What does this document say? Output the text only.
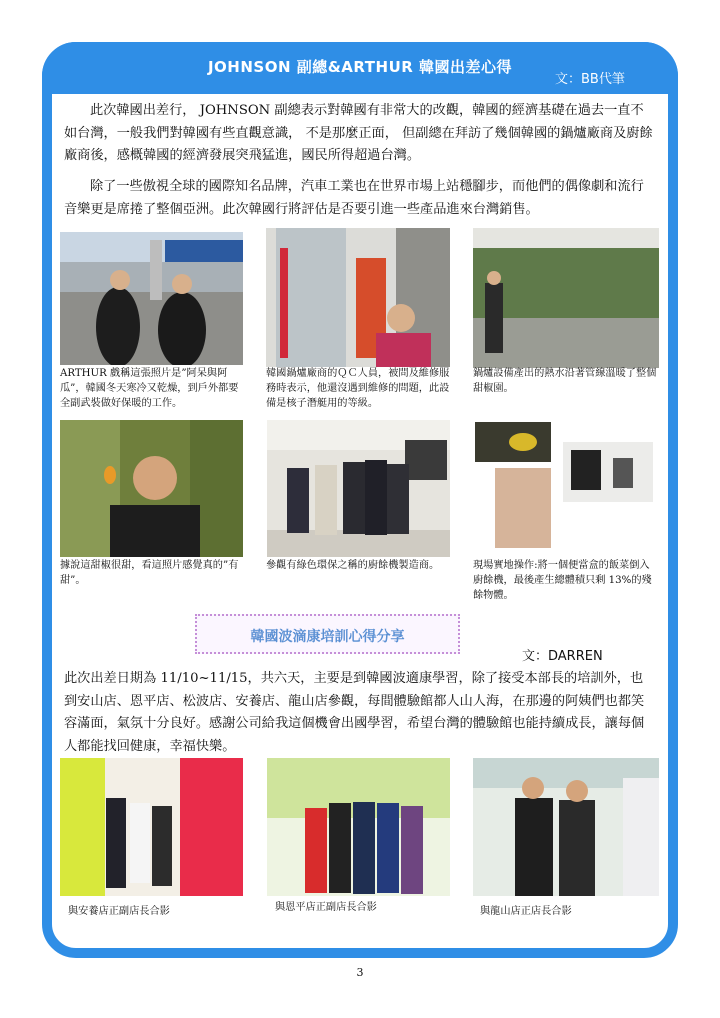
JOHNSON 副總&ARTHUR 韓國出差心得
文：BB代筆

此次韓國出差行， JOHNSON 副總表示對韓國有非常大的改觀，韓國的經濟基礎在過去一直不如台灣，一般我們對韓國有些直觀意識， 不是那麼正面， 但副總在拜訪了幾個韓國的鍋爐廠商及廚餘廠商後，感概韓國的經濟發展突飛猛進，國民所得超過台灣。

除了一些傲視全球的國際知名品牌，汽車工業也在世界市場上站穩腳步，而他們的偶像劇和流行音樂更是席捲了整個亞洲。此次韓國行將評估是否要引進一些產品進來台灣銷售。

ARTHUR 戲稱這張照片是”阿呆與阿瓜”，韓國冬天寒冷又乾燥，到戶外都要全副武裝做好保暖的工作。

韓國鍋爐廠商的ＱＣ人員，被問及維修服務時表示，他還沒遇到維修的問題，此設備是核子潛艇用的等級。

鍋爐設備產出的熱水沿著管線溫暖了整個甜椒園。

據說這甜椒很甜，看這照片感覺真的”有甜”。

參觀有綠色環保之稱的廚餘機製造商。	現場實地操作:將一個便當盒的飯菜倒入廚餘機，最後產生總體積只剩 13%的殘餘物體。

韓國波滴康培訓心得分享
文：DARREN

此次出差日期為 11/10~11/15，共六天，主要是到韓國波適康學習，除了接受本部長的培訓外，也到安山店、恩平店、松波店、安養店、龍山店參觀，每間體驗館都人山人海，在那邊的阿姨們也都笑容滿面，氣氛十分良好。感謝公司給我這個機會出國學習，希望台灣的體驗館也能持續成長，讓每個人都能找回健康，幸福快樂。

與安養店正副店長合影	與恩平店正副店長合影	與龍山店正店長合影

3
